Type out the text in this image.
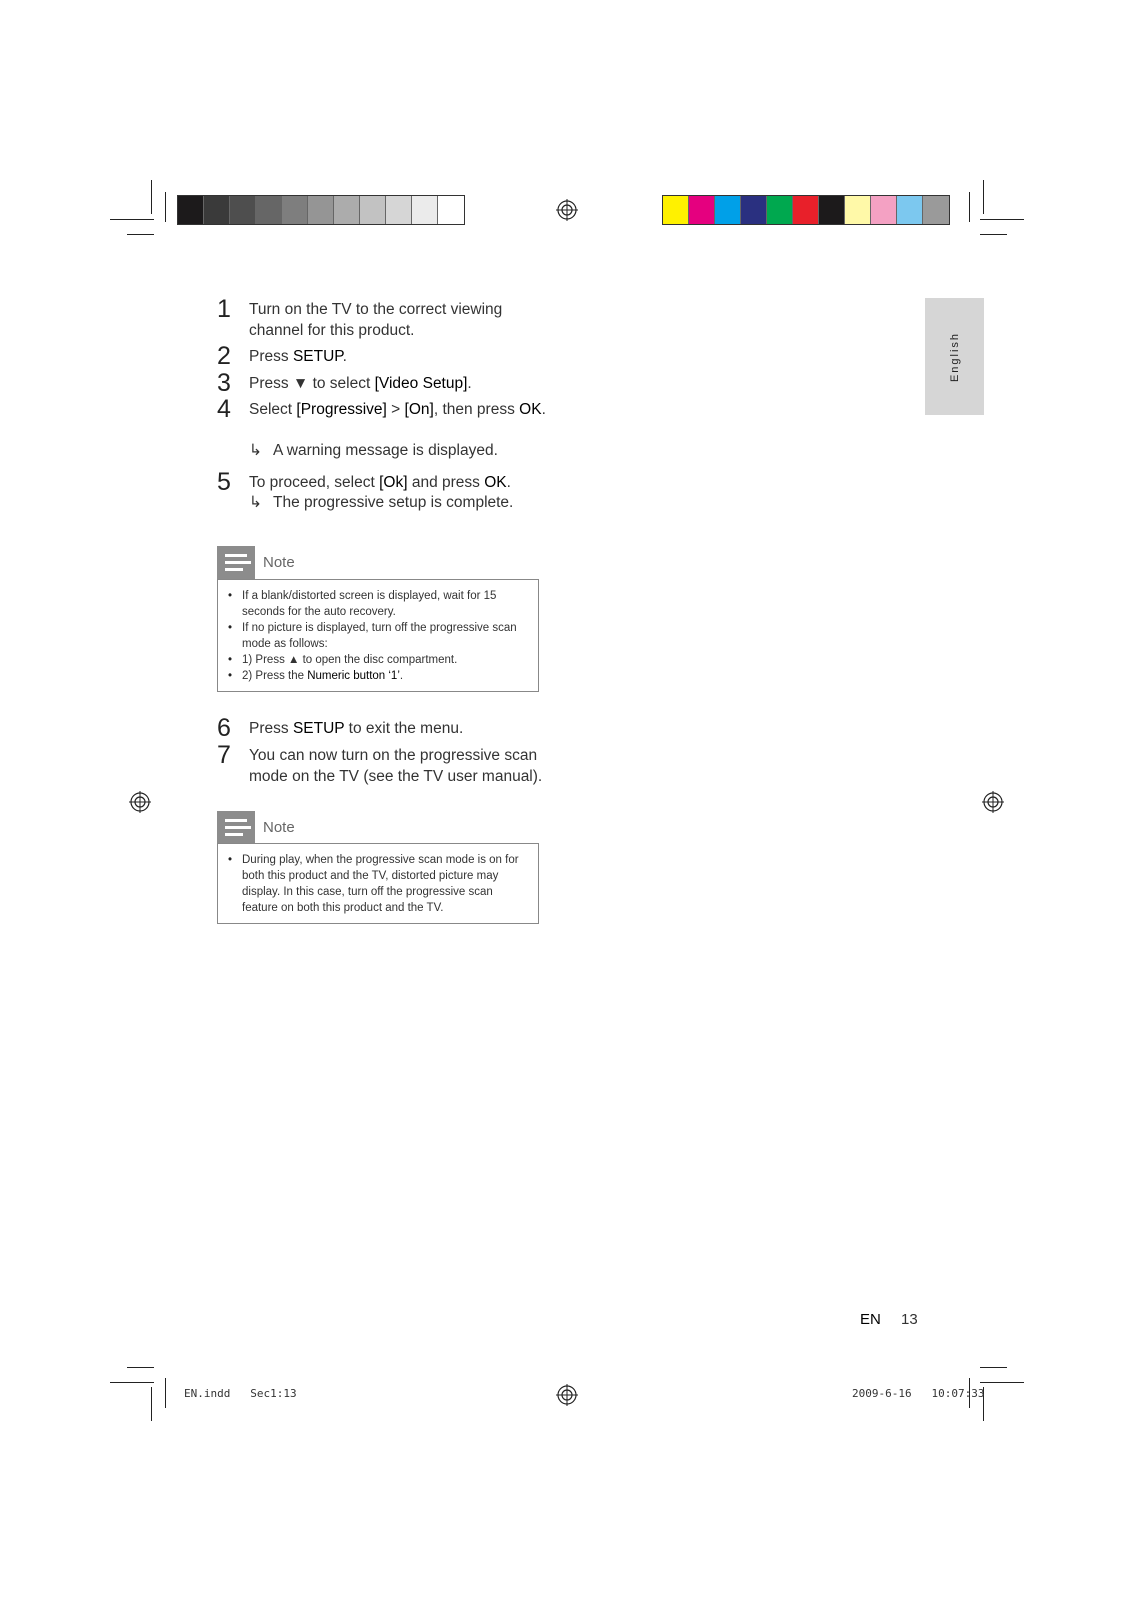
English
1 Turn on the TV to the correct viewing channel for this product.
2 Press SETUP.
3 Press ▼ to select [Video Setup].
4 Select [Progressive] > [On], then press OK.
↳ A warning message is displayed.
5 To proceed, select [Ok] and press OK.
↳ The progressive setup is complete.
Note
• If a blank/distorted screen is displayed, wait for 15 seconds for the auto recovery.
• If no picture is displayed, turn off the progressive scan mode as follows:
• 1) Press ▲ to open the disc compartment.
• 2) Press the Numeric button ‘1’.
6 Press SETUP to exit the menu.
7 You can now turn on the progressive scan mode on the TV (see the TV user manual).
Note
• During play, when the progressive scan mode is on for both this product and the TV, distorted picture may display. In this case, turn off the progressive scan feature on both this product and the TV.
EN 13
EN.indd   Sec1:13	2009-6-16   10:07:33
